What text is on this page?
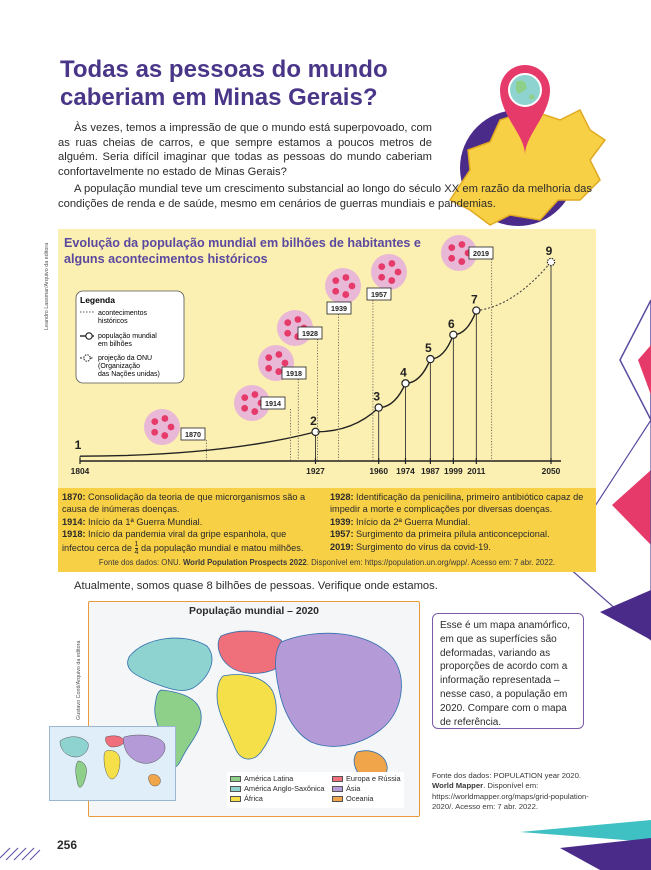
Todas as pessoas do mundo caberiam em Minas Gerais?
Às vezes, temos a impressão de que o mundo está superpovoado, com as ruas cheias de carros, e que sempre estamos a poucos metros de alguém. Seria difícil imaginar que todas as pessoas do mundo caberiam confortavelmente no estado de Minas Gerais?
A população mundial teve um crescimento substancial ao longo do século XX em razão da melhoria das condições de renda e de saúde, mesmo em cenários de guerras mundiais e pandemias.
Leandro Lassmar/Arquivo da editora Evolução da população mundial em bilhões de habitantes e alguns acontecimentos históricos
Legenda
acontecimentos históricos
população mundial em bilhões
projeção da ONU (Organização das Nações unidas)
1804	1927	1960 1974 1987 1999 2011	2050
1
2
3
4
5
6
7
9
1870
1914
1918
1928
1939
1957
2019
1870: Consolidação da teoria de que microrganismos são a causa de inúmeras doenças.
1914: Início da 1ª Guerra Mundial.
1918: Início da pandemia viral da gripe espanhola, que infectou cerca de $\frac{1}{4}$ da população mundial e matou milhões.
1928: Identificação da penicilina, primeiro antibiótico capaz de impedir a morte e complicações por diversas doenças.
1939: Início da 2ª Guerra Mundial.
1957: Surgimento da primeira pílula anticoncepcional.
2019: Surgimento do vírus da covid-19.
Fonte dos dados: ONU. World Population Prospects 2022. Disponível em: https://population.un.org/wpp/. Acesso em: 7 abr. 2022.
Atualmente, somos quase 8 bilhões de pessoas. Verifique onde estamos.
Gustavo Conti/Arquivo da editora
População mundial – 2020
América Latina	Europa e Rússia
América Anglo-Saxônica	Ásia
África	Oceania
Esse é um mapa anamórfico, em que as superfícies são deformadas, variando as proporções de acordo com a informação representada – nesse caso, a população em 2020. Compare com o mapa de referência.
Fonte dos dados: POPULATION year 2020. World Mapper. Disponível em: https://worldmapper.org/maps/grid-population-2020/. Acesso em: 7 abr. 2022.
256
